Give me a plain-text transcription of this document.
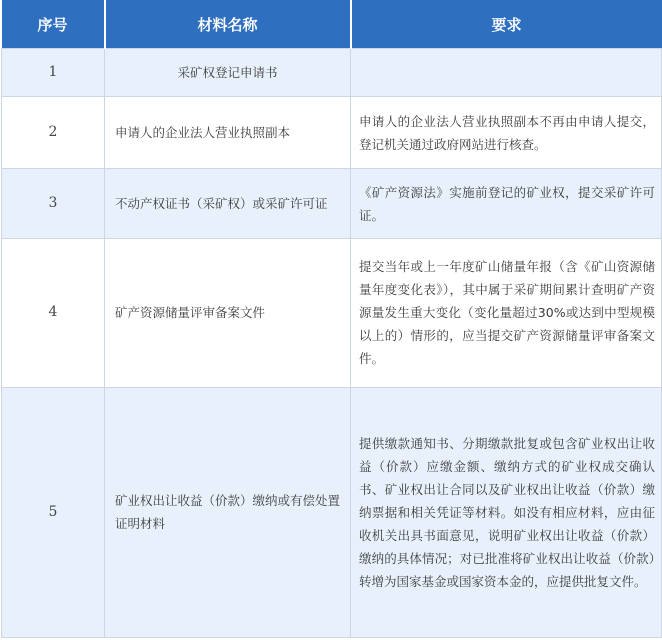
序号	材料名称	要求
1	采矿权登记申请书	
2	申请人的企业法人营业执照副本	申请人的企业法人营业执照副本不再由申请人提交，登记机关通过政府网站进行核查。
3	不动产权证书（采矿权）或采矿许可证	《矿产资源法》实施前登记的矿业权，提交采矿许可证。
4	矿产资源储量评审备案文件	提交当年或上一年度矿山储量年报（含《矿山资源储量年度变化表》），其中属于采矿期间累计查明矿产资源量发生重大变化（变化量超过30%或达到中型规模以上的）情形的，应当提交矿产资源储量评审备案文件。
5	矿业权出让收益（价款）缴纳或有偿处置证明材料	提供缴款通知书、分期缴款批复或包含矿业权出让收益（价款）应缴金额、缴纳方式的矿业权成交确认书、矿业权出让合同以及矿业权出让收益（价款）缴纳票据和相关凭证等材料。如没有相应材料，应由征收机关出具书面意见，说明矿业权出让收益（价款）缴纳的具体情况；对已批准将矿业权出让收益（价款）转增为国家基金或国家资本金的，应提供批复文件。
